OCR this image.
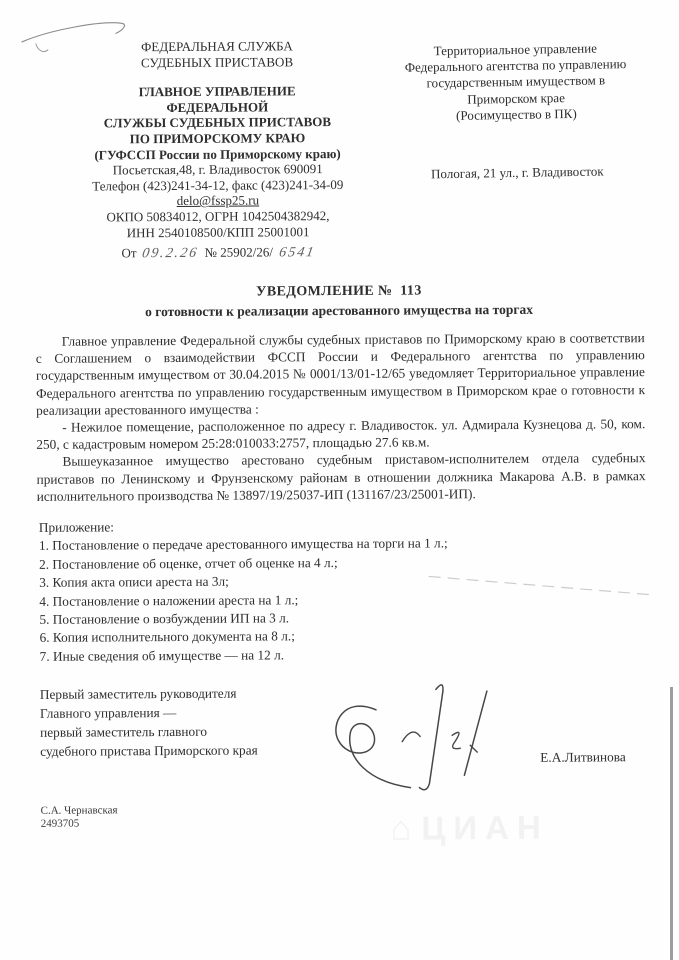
ФЕДЕРАЛЬНАЯ СЛУЖБА
СУДЕБНЫХ ПРИСТАВОВ
ГЛАВНОЕ УПРАВЛЕНИЕ
ФЕДЕРАЛЬНОЙ
СЛУЖБЫ СУДЕБНЫХ ПРИСТАВОВ
ПО ПРИМОРСКОМУ КРАЮ
(ГУФССП России по Приморскому краю)
Посьетская,48, г. Владивосток 690091
Телефон (423)241-34-12, факс (423)241-34-09
delo@fssp25.ru
ОКПО 50834012, ОГРН 1042504382942,
ИНН 2540108500/КПП 25001001
От 09.2.26 № 25902/26/ 6541
Территориальное управление
Федерального агентства по управлению
государственным имуществом в
Приморском крае
(Росимущество в ПК)
Пологая, 21 ул., г. Владивосток
УВЕДОМЛЕНИЕ №  113
о готовности к реализации арестованного имущества на торгах

Главное управление Федеральной службы судебных приставов по Приморскому краю в соответствии с Соглашением о взаимодействии ФССП России и Федерального агентства по управлению государственным имуществом от 30.04.2015 № 0001/13/01-12/65 уведомляет Территориальное управление Федерального агентства по управлению государственным имуществом в Приморском крае о готовности к реализации арестованного имущества :

- Нежилое помещение, расположенное по адресу г. Владивосток. ул. Адмирала Кузнецова д. 50, ком. 250, с кадастровым номером 25:28:010033:2757, площадью 27.6 кв.м.

Вышеуказанное имущество арестовано судебным приставом-исполнителем отдела судебных приставов по Ленинскому и Фрунзенскому районам в отношении должника Макарова А.В. в рамках исполнительного производства № 13897/19/25037-ИП (131167/23/25001-ИП).

Приложение:
1. Постановление о передаче арестованного имущества на торги на 1 л.;
2. Постановление об оценке, отчет об оценке на 4 л.;
3. Копия акта описи ареста на 3л;
4. Постановление о наложении ареста на 1 л.;
5. Постановление о возбуждении ИП на 3 л.
6. Копия исполнительного документа на 8 л.;
7. Иные сведения об имуществе — на 12 л.
Первый заместитель руководителя
Главного управления —
первый заместитель главного
судебного пристава Приморского края	Е.А.Литвинова
С.А. Чернавская
2493705	⌂ ЦИАН
